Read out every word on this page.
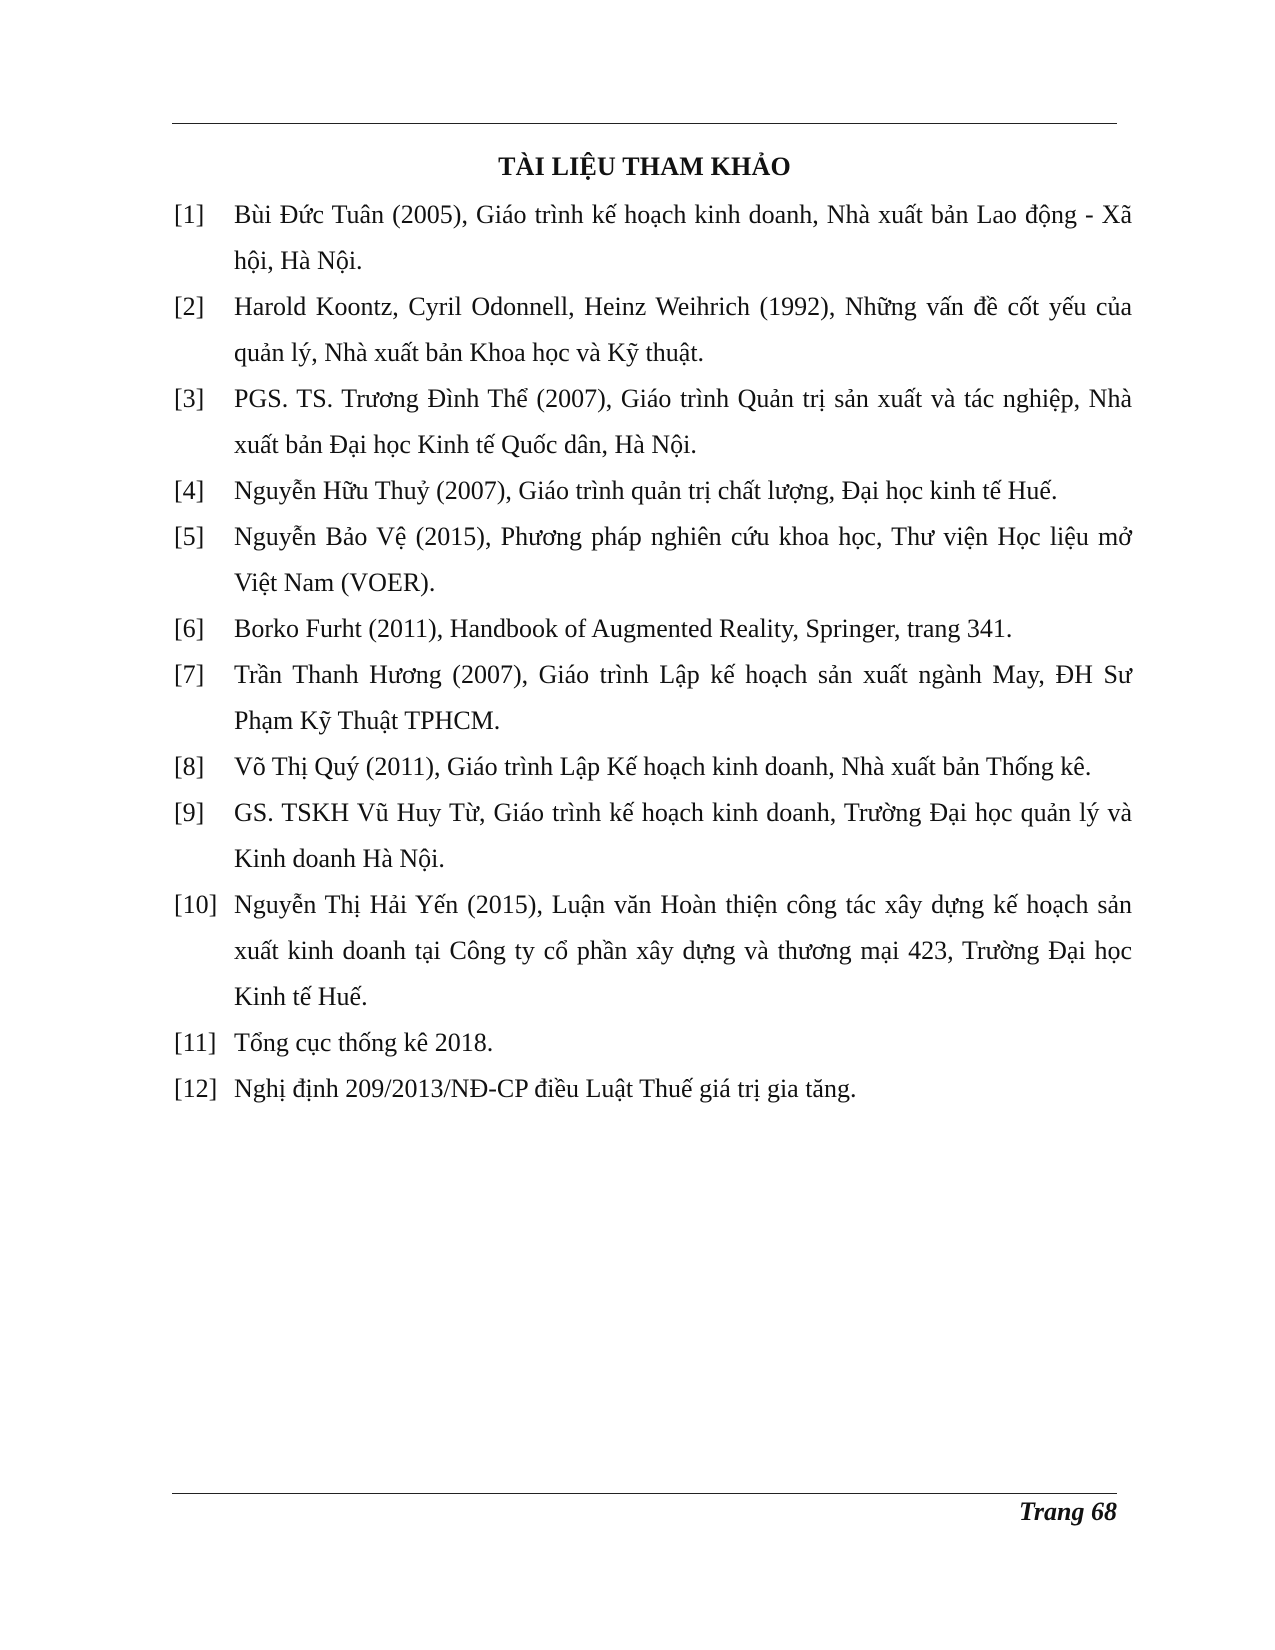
TÀI LIỆU THAM KHẢO
[1] Bùi Đức Tuân (2005), Giáo trình kế hoạch kinh doanh, Nhà xuất bản Lao động - Xã hội, Hà Nội.
[2] Harold Koontz, Cyril Odonnell, Heinz Weihrich (1992), Những vấn đề cốt yếu của quản lý, Nhà xuất bản Khoa học và Kỹ thuật.
[3] PGS. TS. Trương Đình Thể (2007), Giáo trình Quản trị sản xuất và tác nghiệp, Nhà xuất bản Đại học Kinh tế Quốc dân, Hà Nội.
[4] Nguyễn Hữu Thuỷ (2007), Giáo trình quản trị chất lượng, Đại học kinh tế Huế.
[5] Nguyễn Bảo Vệ (2015), Phương pháp nghiên cứu khoa học, Thư viện Học liệu mở Việt Nam (VOER).
[6] Borko Furht (2011), Handbook of Augmented Reality, Springer, trang 341.
[7] Trần Thanh Hương (2007), Giáo trình Lập kế hoạch sản xuất ngành May, ĐH Sư Phạm Kỹ Thuật TPHCM.
[8] Võ Thị Quý (2011), Giáo trình Lập Kế hoạch kinh doanh, Nhà xuất bản Thống kê.
[9] GS. TSKH Vũ Huy Từ, Giáo trình kế hoạch kinh doanh, Trường Đại học quản lý và Kinh doanh Hà Nội.
[10] Nguyễn Thị Hải Yến (2015), Luận văn Hoàn thiện công tác xây dựng kế hoạch sản xuất kinh doanh tại Công ty cổ phần xây dựng và thương mại 423, Trường Đại học Kinh tế Huế.
[11] Tổng cục thống kê 2018.
[12] Nghị định 209/2013/NĐ-CP điều Luật Thuế giá trị gia tăng.
Trang 68
